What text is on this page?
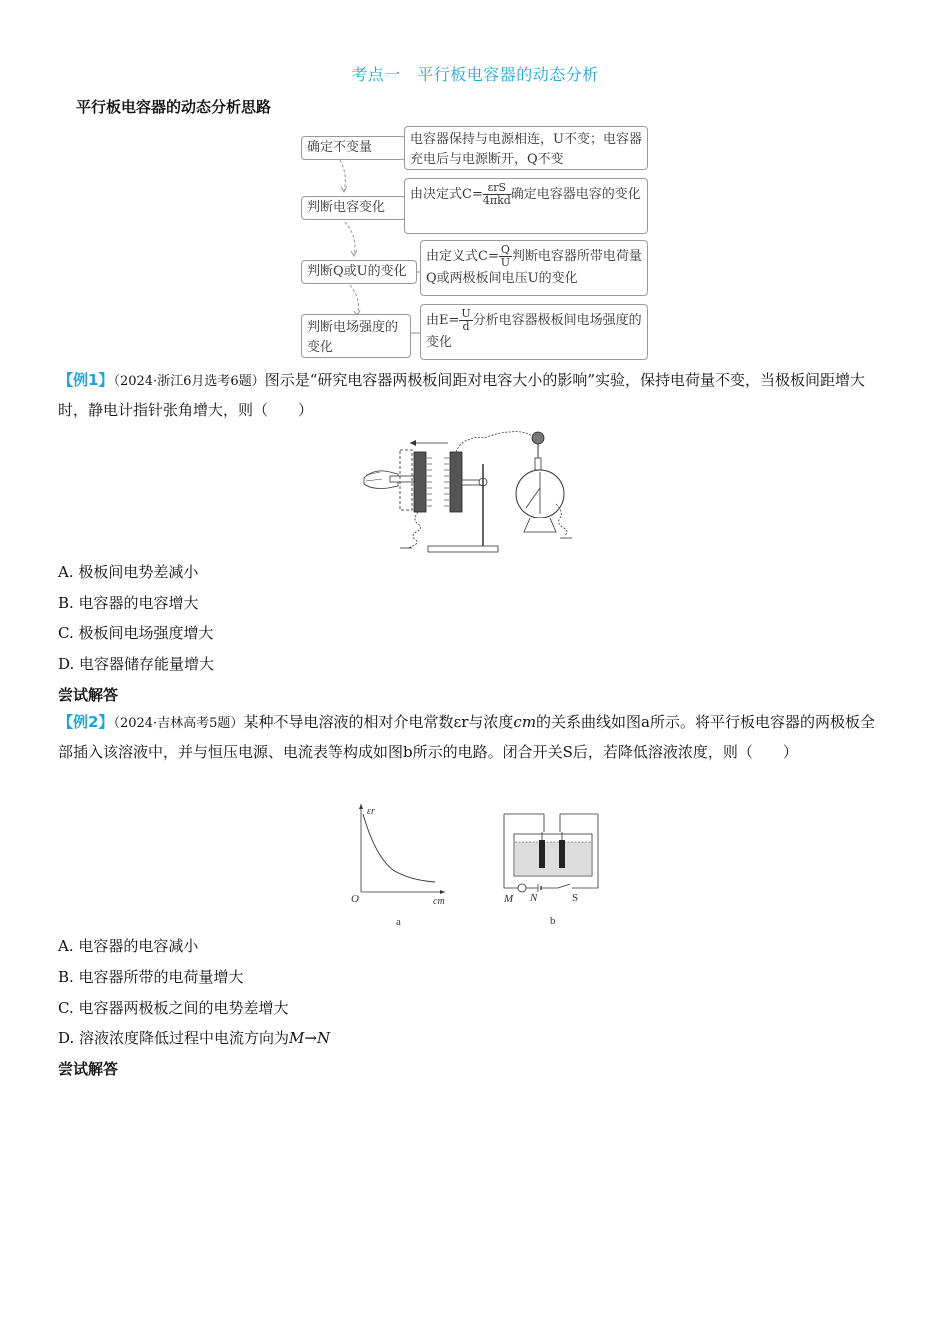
考点一　平行板电容器的动态分析
平行板电容器的动态分析思路
确定不变量
电容器保持与电源相连，U不变；电容器充电后与电源断开，Q不变
判断电容变化
由决定式C= εrS
4πkd 确定电容器电容的变化
判断Q或U的变化
由定义式$C= \frac{Q}{U}$ 判断电容器所带电荷量Q或两极板间电压U的变化
判断电场强度的变化
由$E= \frac{U}{d}$ 分析电容器极板间电场强度的变化
【例1】（2024·浙江6月选考6题）图示是“研究电容器两极板间距对电容大小的影响”实验，保持电荷量不变，当极板间距增大时，静电计指针张角增大，则（　　）
A. 极板间电势差减小
B. 电容器的电容增大
C. 极板间电场强度增大
D. 电容器储存能量增大
尝试解答
【例2】（2024·吉林高考5题）某种不导电溶液的相对介电常数εr与浓度cm的关系曲线如图a所示。将平行板电容器的两极板全部插入该溶液中，并与恒压电源、电流表等构成如图b所示的电路。闭合开关S后，若降低溶液浓度，则（　　）
εr
O	cm
a
M N	S
b
A. 电容器的电容减小
B. 电容器所带的电荷量增大
C. 电容器两极板之间的电势差增大
D. 溶液浓度降低过程中电流方向为M→N
尝试解答
